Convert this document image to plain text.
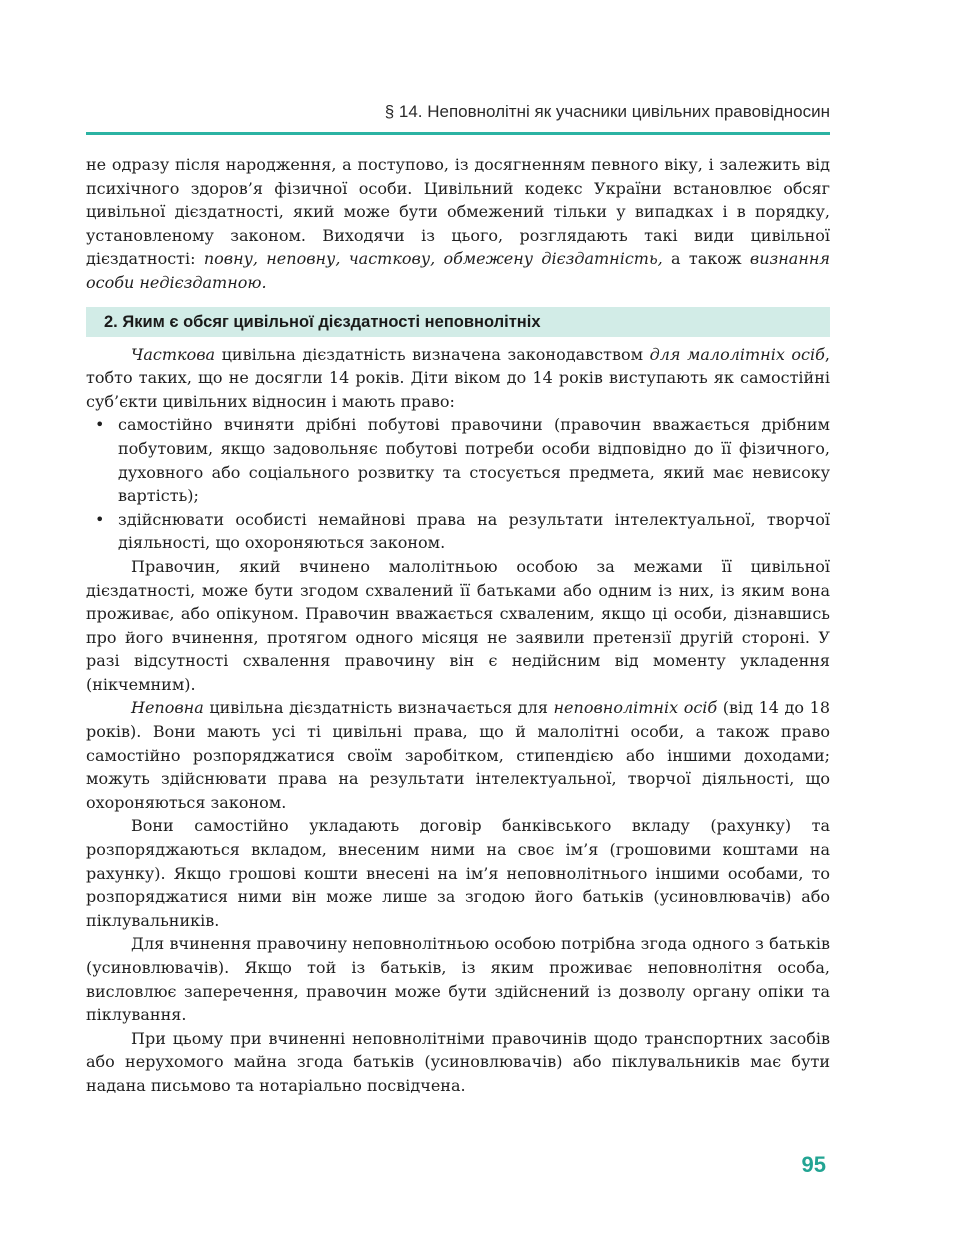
§ 14. Неповнолітні як учасники цивільних правовідносин

не одразу після народження, а поступово, із досягненням певного віку, і залежить від психічного здоров’я фізичної особи. Цивільний кодекс України встановлює обсяг цивільної дієздатності, який може бути обмежений тільки у випадках і в порядку, установленому законом. Виходячи із цього, розглядають такі види цивільної дієздатності: повну, неповну, часткову, обмежену дієздатність, а також визнання особи недієздатною.

2. Яким є обсяг цивільної дієздатності неповнолітніх

Часткова цивільна дієздатність визначена законодавством для малолітніх осіб, тобто таких, що не досягли 14 років. Діти віком до 14 років виступають як самостійні суб’єкти цивільних відносин і мають право:

• самостійно вчиняти дрібні побутові правочини (правочин вважається дрібним побутовим, якщо задовольняє побутові потреби особи відповідно до її фізичного, духовного або соціального розвитку та стосується предмета, який має невисоку вартість);
• здійснювати особисті немайнові права на результати інтелектуальної, творчої діяльності, що охороняються законом.

Правочин, який вчинено малолітньою особою за межами її цивільної дієздатності, може бути згодом схвалений її батьками або одним із них, із яким вона проживає, або опікуном. Правочин вважається схваленим, якщо ці особи, дізнавшись про його вчинення, протягом одного місяця не заявили претензії другій стороні. У разі відсутності схвалення правочину він є недійсним від моменту укладення (нікчемним).

Неповна цивільна дієздатність визначається для неповнолітніх осіб (від 14 до 18 років). Вони мають усі ті цивільні права, що й малолітні особи, а також право самостійно розпоряджатися своїм заробітком, стипендією або іншими доходами; можуть здійснювати права на результати інтелектуальної, творчої діяльності, що охороняються законом.

Вони самостійно укладають договір банківського вкладу (рахунку) та розпоряджаються вкладом, внесеним ними на своє ім’я (грошовими коштами на рахунку). Якщо грошові кошти внесені на ім’я неповнолітнього іншими особами, то розпоряджатися ними він може лише за згодою його батьків (усиновлювачів) або піклувальників.

Для вчинення правочину неповнолітньою особою потрібна згода одного з батьків (усиновлювачів). Якщо той із батьків, із яким проживає неповнолітня особа, висловлює заперечення, правочин може бути здійснений із дозволу органу опіки та піклування.

При цьому при вчиненні неповнолітніми правочинів щодо транспортних засобів або нерухомого майна згода батьків (усиновлювачів) або піклувальників має бути надана письмово та нотаріально посвідчена.

95
